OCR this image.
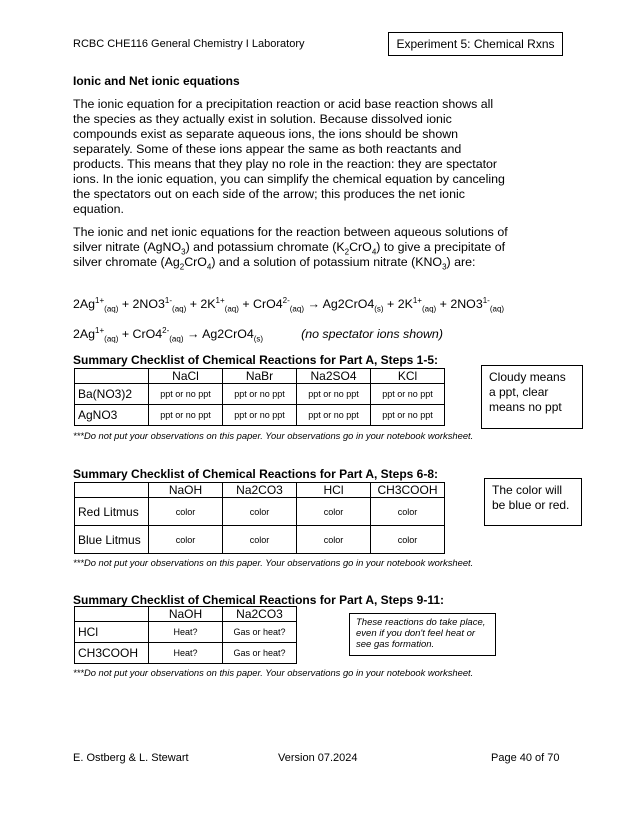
RCBC CHE116 General Chemistry I Laboratory	Experiment 5: Chemical Rxns
Ionic and Net ionic equations
The ionic equation for a precipitation reaction or acid base reaction shows all the species as they actually exist in solution. Because dissolved ionic compounds exist as separate aqueous ions, the ions should be shown separately. Some of these ions appear the same as both reactants and products. This means that they play no role in the reaction: they are spectator ions. In the ionic equation, you can simplify the chemical equation by canceling the spectators out on each side of the arrow; this produces the net ionic equation.
The ionic and net ionic equations for the reaction between aqueous solutions of silver nitrate (AgNO$_3$) and potassium chromate $(K_2CrO_4)$ to give a precipitate of silver chromate $(Ag_2CrO_4)$ and a solution of potassium nitrate $(KNO_3)$ are:
$2Ag^{1+}_{(aq)} + 2NO3^{1-}_{(aq)} + 2K^{1+}_{(aq)} + CrO4^{2-}_{(aq)} \to Ag2CrO4_{(s)} + 2K^{1+}_{(aq)} + 2NO3^{1-}_{(aq)}$
$2Ag^{1+}_{(aq)} + CrO4^{2-}_{(aq)} \to Ag2CrO4_{(s)}$	(no spectator ions shown)
Summary Checklist of Chemical Reactions for Part A, Steps 1-5:
	NaCl	NaBr	Na2SO4	KCl
Ba(NO3)2	ppt or no ppt	ppt or no ppt	ppt or no ppt	ppt or no ppt
AgNO3	ppt or no ppt	ppt or no ppt	ppt or no ppt	ppt or no ppt
Cloudy means a ppt, clear means no ppt
***Do not put your observations on this paper. Your observations go in your notebook worksheet.
Summary Checklist of Chemical Reactions for Part A, Steps 6-8:
	NaOH	Na2CO3	HCl	CH3COOH
Red Litmus	color	color	color	color
Blue Litmus	color	color	color	color
The color will be blue or red.
***Do not put your observations on this paper. Your observations go in your notebook worksheet.
Summary Checklist of Chemical Reactions for Part A, Steps 9-11:
	NaOH	Na2CO3
HCl	Heat?	Gas or heat?
CH3COOH	Heat?	Gas or heat?
These reactions do take place, even if you don't feel heat or see gas formation.
***Do not put your observations on this paper. Your observations go in your notebook worksheet.
E. Ostberg & L. Stewart	Version 07.2024	Page 40 of 70
